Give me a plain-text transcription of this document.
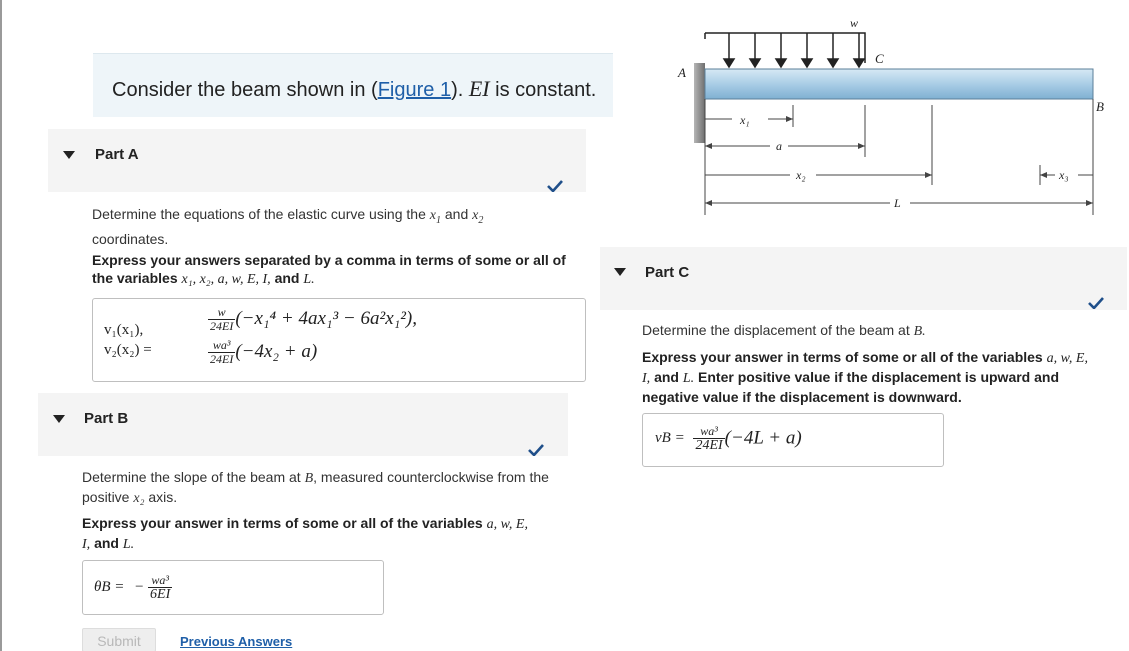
Consider the beam shown in (Figure 1). EI is constant.
Part A
Determine the equations of the elastic curve using the $x_1$ and $x_2$
coordinates.
Express your answers separated by a comma in terms of some or all of
the variables x₁, x₂, a, w, E, I, and L.
v₁(x₁),
v₂(x₂) =
$\frac{w}{24EI} (-x_1^4 + 4ax_1^3 - 6a^2x_1^2)$,
$\frac{\text{wa³}}{24EI} (-4x_2 + a)$
Part B
Determine the slope of the beam at B, measured counterclockwise from the
positive x₂ axis.
Express your answer in terms of some or all of the variables a, w, E,
I, and L.
θB = − $\frac{\text{wa³}}{6EI}$
Submit	Previous Answers
Part C
Determine the displacement of the beam at B.
Express your answer in terms of some or all of the variables a, w, E,
I, and L. Enter positive value if the displacement is upward and
negative value if the displacement is downward.
vB = $\frac{\text{wa³}}{24EI} (-4L + a)$
w
A
C
B
x₁
a
x₂
L
x₃
